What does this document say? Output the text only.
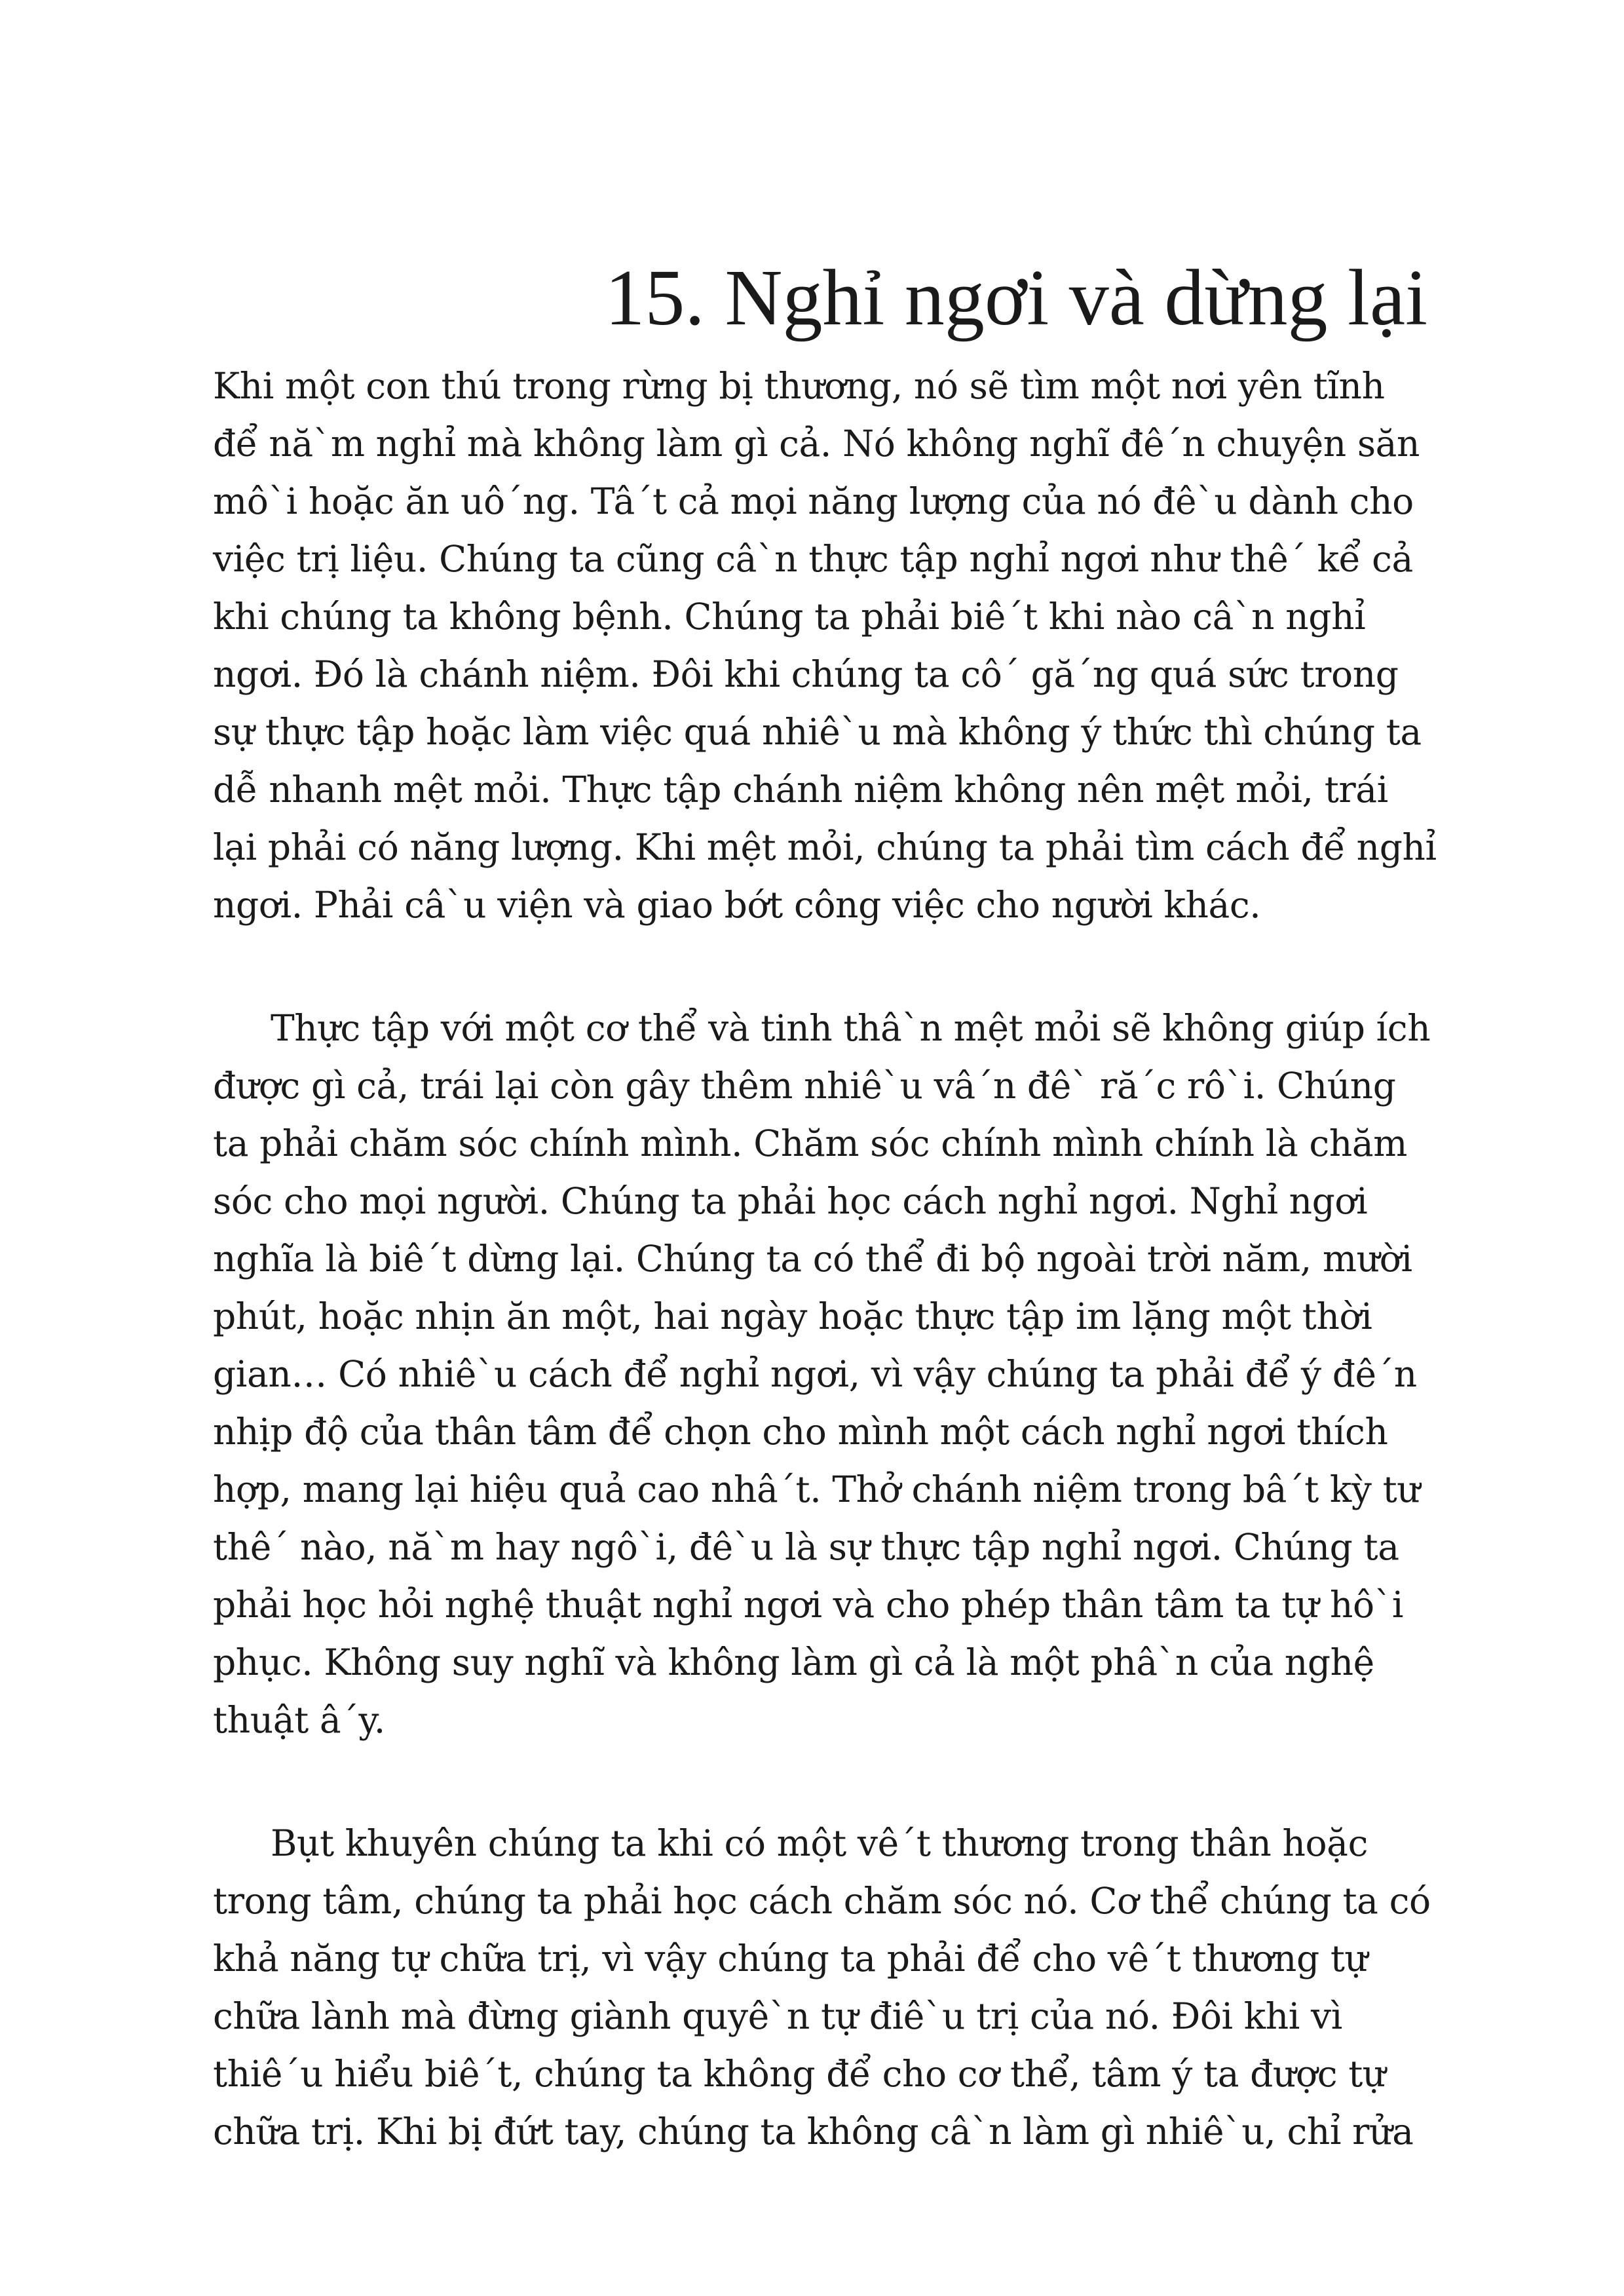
15. Nghỉ ngơi và dừng lại

Khi một con thú trong rừng bị thương, nó sẽ tìm một nơi yên tĩnh
để nă`m nghỉ mà không làm gì cả. Nó không nghĩ đê´n chuyện săn
mô`i hoặc ăn uô´ng. Tâ´t cả mọi năng lượng của nó đê`u dành cho
việc trị liệu. Chúng ta cũng câ`n thực tập nghỉ ngơi như thê´ kể cả
khi chúng ta không bệnh. Chúng ta phải biê´t khi nào câ`n nghỉ
ngơi. Đó là chánh niệm. Đôi khi chúng ta cô´ gă´ng quá sức trong
sự thực tập hoặc làm việc quá nhiê`u mà không ý thức thì chúng ta
dễ nhanh mệt mỏi. Thực tập chánh niệm không nên mệt mỏi, trái
lại phải có năng lượng. Khi mệt mỏi, chúng ta phải tìm cách để nghỉ
ngơi. Phải câ`u viện và giao bớt công việc cho người khác.

Thực tập với một cơ thể và tinh thâ`n mệt mỏi sẽ không giúp ích
được gì cả, trái lại còn gây thêm nhiê`u vâ´n đê` ră´c rô`i. Chúng
ta phải chăm sóc chính mình. Chăm sóc chính mình chính là chăm
sóc cho mọi người. Chúng ta phải học cách nghỉ ngơi. Nghỉ ngơi
nghĩa là biê´t dừng lại. Chúng ta có thể đi bộ ngoài trời năm, mười
phút, hoặc nhịn ăn một, hai ngày hoặc thực tập im lặng một thời
gian… Có nhiê`u cách để nghỉ ngơi, vì vậy chúng ta phải để ý đê´n
nhịp độ của thân tâm để chọn cho mình một cách nghỉ ngơi thích
hợp, mang lại hiệu quả cao nhâ´t. Thở chánh niệm trong bâ´t kỳ tư
thê´ nào, nă`m hay ngô`i, đê`u là sự thực tập nghỉ ngơi. Chúng ta
phải học hỏi nghệ thuật nghỉ ngơi và cho phép thân tâm ta tự hô`i
phục. Không suy nghĩ và không làm gì cả là một phâ`n của nghệ
thuật â´y.

Bụt khuyên chúng ta khi có một vê´t thương trong thân hoặc
trong tâm, chúng ta phải học cách chăm sóc nó. Cơ thể chúng ta có
khả năng tự chữa trị, vì vậy chúng ta phải để cho vê´t thương tự
chữa lành mà đừng giành quyê`n tự điê`u trị của nó. Đôi khi vì
thiê´u hiểu biê´t, chúng ta không để cho cơ thể, tâm ý ta được tự
chữa trị. Khi bị đứt tay, chúng ta không câ`n làm gì nhiê`u, chỉ rửa
